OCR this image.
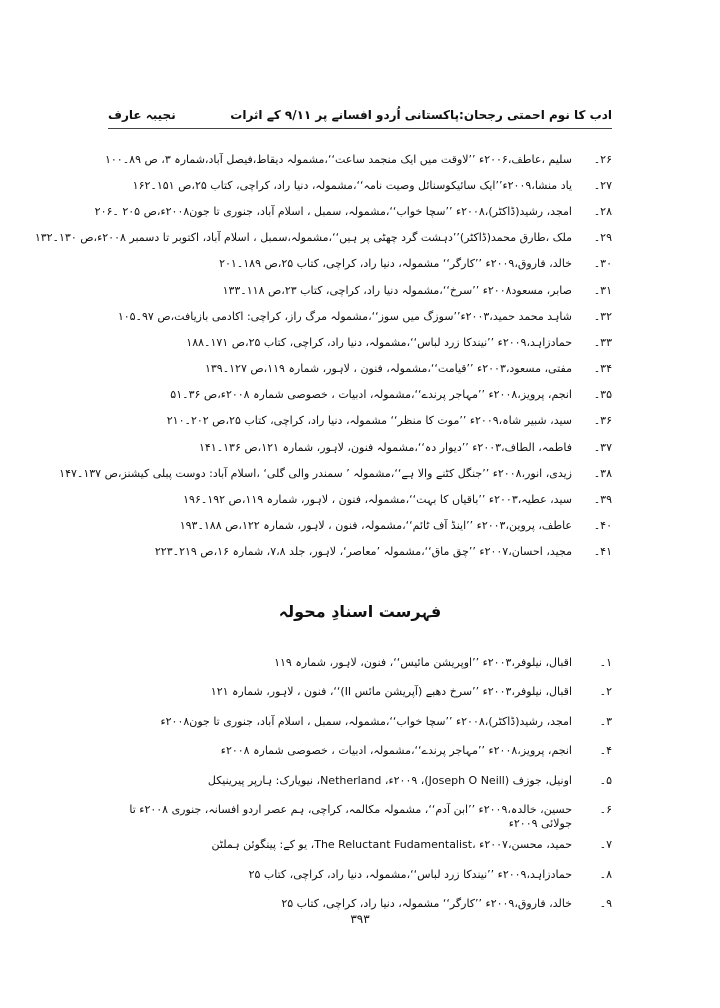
ادب کا نوم احمتی رجحان:پاکستانی اُردو افسانے پر ۹/۱۱ کے اثرات
نجیبہ عارف
۲۶۔
سلیم ،عاطف،۲۰۰۶ء ’’لاوقت میں ایک منجمد ساعت‘‘،مشمولہ دیقاط،فیصل آباد،شمارہ ۳، ص ۸۹۔۱۰۰
۲۷۔
یاد منشا،۲۰۰۹ء’’ایک سائیکوسنائل وصیت نامہ‘‘،مشمولہ، دنیا راد، کراچی، کتاب ۲۵،ص ۱۵۱۔۱۶۲
۲۸۔
امجد، رشید(ڈاکٹر)،۲۰۰۸ء ’’سچا خواب‘‘،مشمولہ، سمبل ، اسلام آباد، جنوری تا جون۲۰۰۸ء،ص ۲۰۵ ۔۲۰۶
۲۹۔
ملک ،طارق محمد(ڈاکٹر)’’دہشت گرد چھٹی پر ہیں‘‘،مشمولہ،سمبل ، اسلام آباد، اکتوبر تا دسمبر ۲۰۰۸ء،ص ۱۳۰۔۱۳۲
۳۰۔
خالد، فاروق،۲۰۰۹ء ’’کارگر‘‘ مشمولہ، دنیا راد، کراچی، کتاب ۲۵،ص ۱۸۹۔۲۰۱
۳۱۔
صابر، مسعود۲۰۰۸ء ’’سرخ‘‘،مشمولہ دنیا راد، کراچی، کتاب ۲۳،ص ۱۱۸۔۱۳۳
۳۲۔
شاہد محمد حمید،۲۰۰۳ء’’سوزگ میں سوز‘‘،مشمولہ مرگ راز، کراچی: اکادمی بازیافت،ص ۹۷۔۱۰۵
۳۳۔
حمادزاہد،۲۰۰۹ء ’’نیندکا زرد لباس‘‘،مشمولہ، دنیا راد، کراچی، کتاب ۲۵،ص ۱۷۱۔۱۸۸
۳۴۔
مفتی، مسعود،۲۰۰۳ء ’’قیامت‘‘،مشمولہ، فنون ، لاہور، شمارہ ۱۱۹،ص ۱۲۷۔۱۳۹
۳۵۔
انجم، پرویز،۲۰۰۸ء ’’مہاجر پرندے‘‘،مشمولہ، ادبیات ، خصوصی شمارہ ۲۰۰۸ء،ص ۳۶۔۵۱
۳۶۔
سید، شبیر شاہ،۲۰۰۹ء ’’موت کا منظر‘‘ مشمولہ، دنیا راد، کراچی، کتاب ۲۵،ص ۲۰۲۔۲۱۰
۳۷۔
فاطمہ، الطاف،۲۰۰۳ء ’’دیوار دہ‘‘،مشمولہ فنون، لاہور، شمارہ ۱۲۱،ص ۱۳۶۔۱۴۱
۳۸۔
زیدی، انور،۲۰۰۸ء ’’جنگل کٹنے والا ہے‘‘،مشمولہ ’ سمندر والی گلی‘ ،اسلام آباد: دوست پبلی کیشنز،ص ۱۳۷۔۱۴۷
۳۹۔
سید، عطیہ،۲۰۰۳ء ’’باقیاں کا بہت‘‘،مشمولہ، فنون ، لاہور، شمارہ ۱۱۹،ص ۱۹۲۔۱۹۶
۴۰۔
عاطف، پروین،۲۰۰۳ء ’’اینڈ آف ٹائم‘‘،مشمولہ، فنون ، لاہور، شمارہ ۱۲۲،ص ۱۸۸۔۱۹۳
۴۱۔
مجید، احسان،۲۰۰۷ء ’’چق ماق‘‘،مشمولہ ’معاصر‘، لاہور، جلد ۷،۸، شمارہ ۱۶،ص ۲۱۹۔۲۲۳
فہرست اسنادِ محولہ
۱۔
اقبال، نیلوفر،۲۰۰۳ء ’’اوپریشن مائیس‘‘، فنون، لاہور، شمارہ ۱۱۹
۲۔
اقبال، نیلوفر،۲۰۰۳ء ’’سرخ دھبے (آپریشن مائس II)‘‘، فنون ، لاہور، شمارہ ۱۲۱
۳۔
امجد، رشید(ڈاکٹر)،۲۰۰۸ء ’’سچا خواب‘‘،مشمولہ، سمبل ، اسلام آباد، جنوری تا جون۲۰۰۸ء
۴۔
انجم، پرویز،۲۰۰۸ء ’’مہاجر پرندے‘‘،مشمولہ، ادبیات ، خصوصی شمارہ ۲۰۰۸ء
۵۔
اونیل، جوزف (Joseph O Neill)، ۲۰۰۹ء، Netherland، نیویارک: ہارپر پیرینیکل
۶۔
حسین، خالدہ،۲۰۰۹ء ’’ابن آدم‘‘، مشمولہ مکالمہ، کراچی، ہم عصر اردو افسانہ، جنوری ۲۰۰۸ء تا جولائی ۲۰۰۹ء
۷۔
حمید، محسن،۲۰۰۷ء ،The Reluctant Fudamentalist، یو کے: پینگوئن ہملٹن
۸۔
حمادزاہد،۲۰۰۹ء ’’نیندکا زرد لباس‘‘،مشمولہ، دنیا راد، کراچی، کتاب ۲۵
۹۔
خالد، فاروق،۲۰۰۹ء ’’کارگر‘‘ مشمولہ، دنیا راد، کراچی، کتاب ۲۵
۳۹۳
